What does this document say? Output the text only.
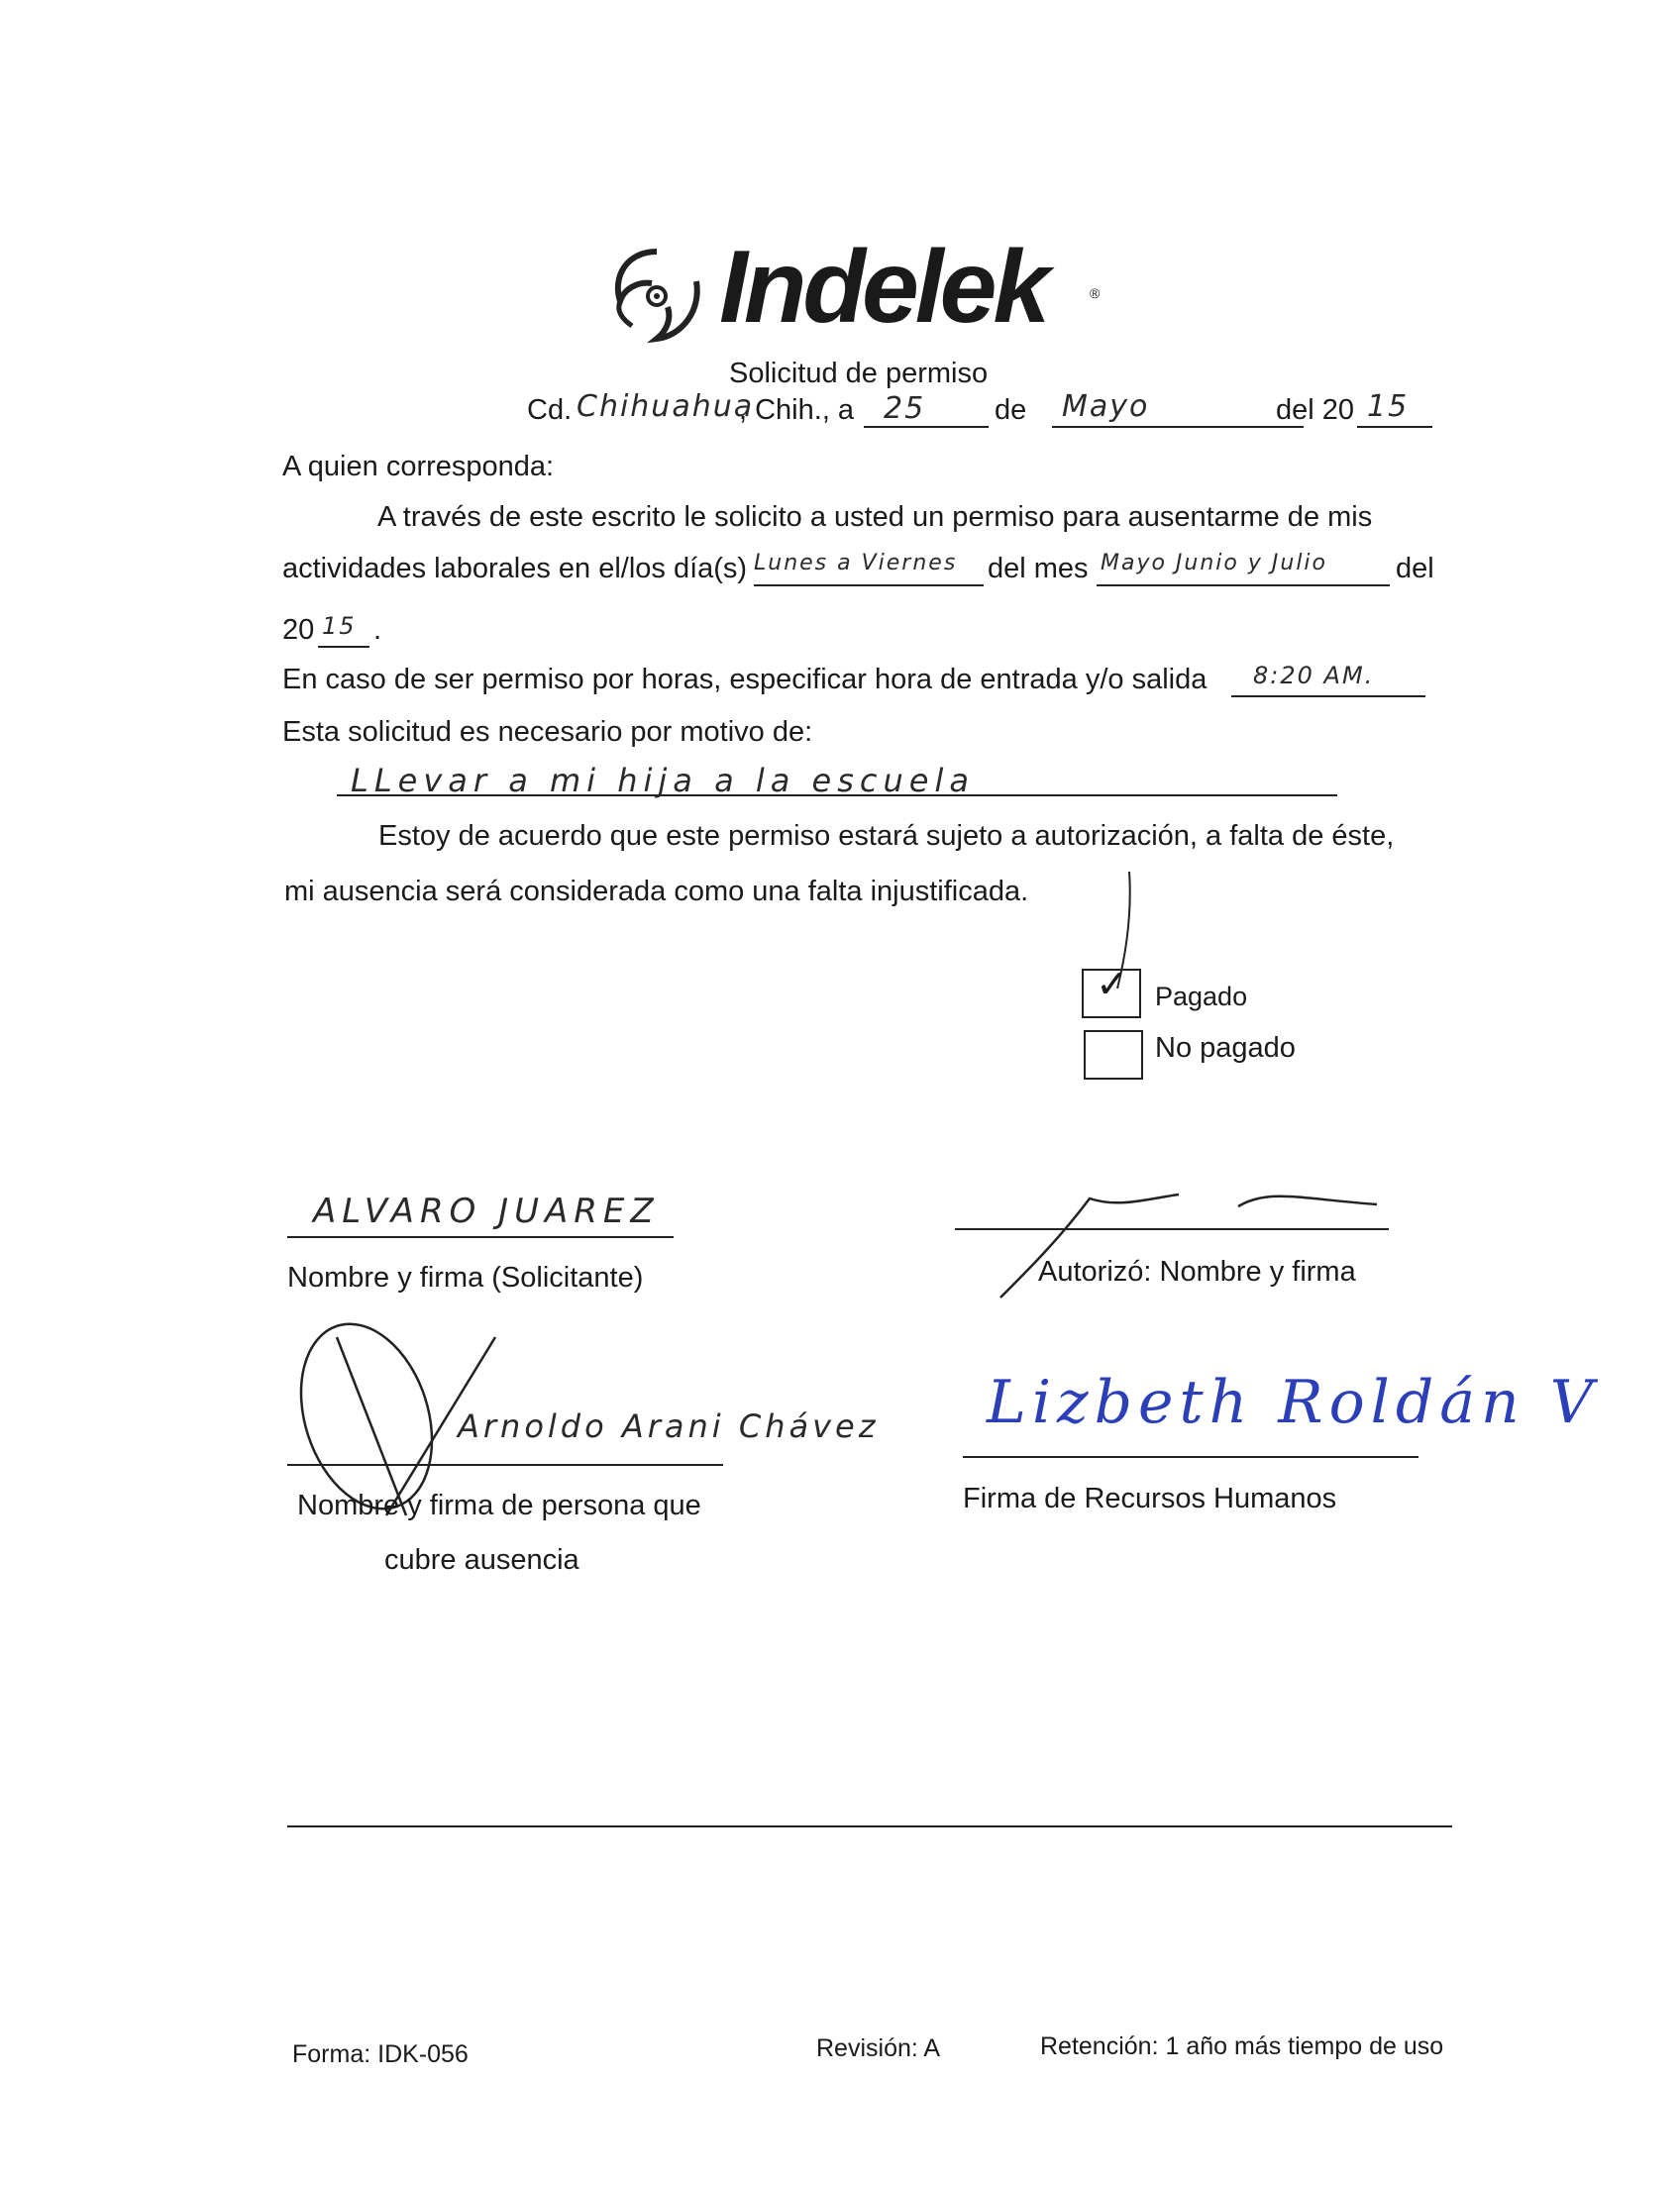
Indelek	®
Solicitud de permiso
Cd. Chihuahua
, Chih., a 25 de Mayo	del 20 15
A quien corresponda:
A través de este escrito le solicito a usted un permiso para ausentarme de mis
actividades laborales en el/los día(s) Lunes a Viernes del mes Mayo Junio y Julio del
20 15 .
En caso de ser permiso por horas, especificar hora de entrada y/o salida 8:20 AM.
Esta solicitud es necesario por motivo de:
LLevar a mi hija a la escuela
Estoy de acuerdo que este permiso estará sujeto a autorización, a falta de éste,
mi ausencia será considerada como una falta injustificada.
✓ Pagado
No pagado
ALVARO JUAREZ
Nombre y firma (Solicitante)	Autorizó: Nombre y firma
Arnoldo Arani Chávez
Nombre y firma de persona que
cubre ausencia
Lizbeth Roldán V
Firma de Recursos Humanos
Forma: IDK-056	Revisión: A	Retención: 1 año más tiempo de uso
